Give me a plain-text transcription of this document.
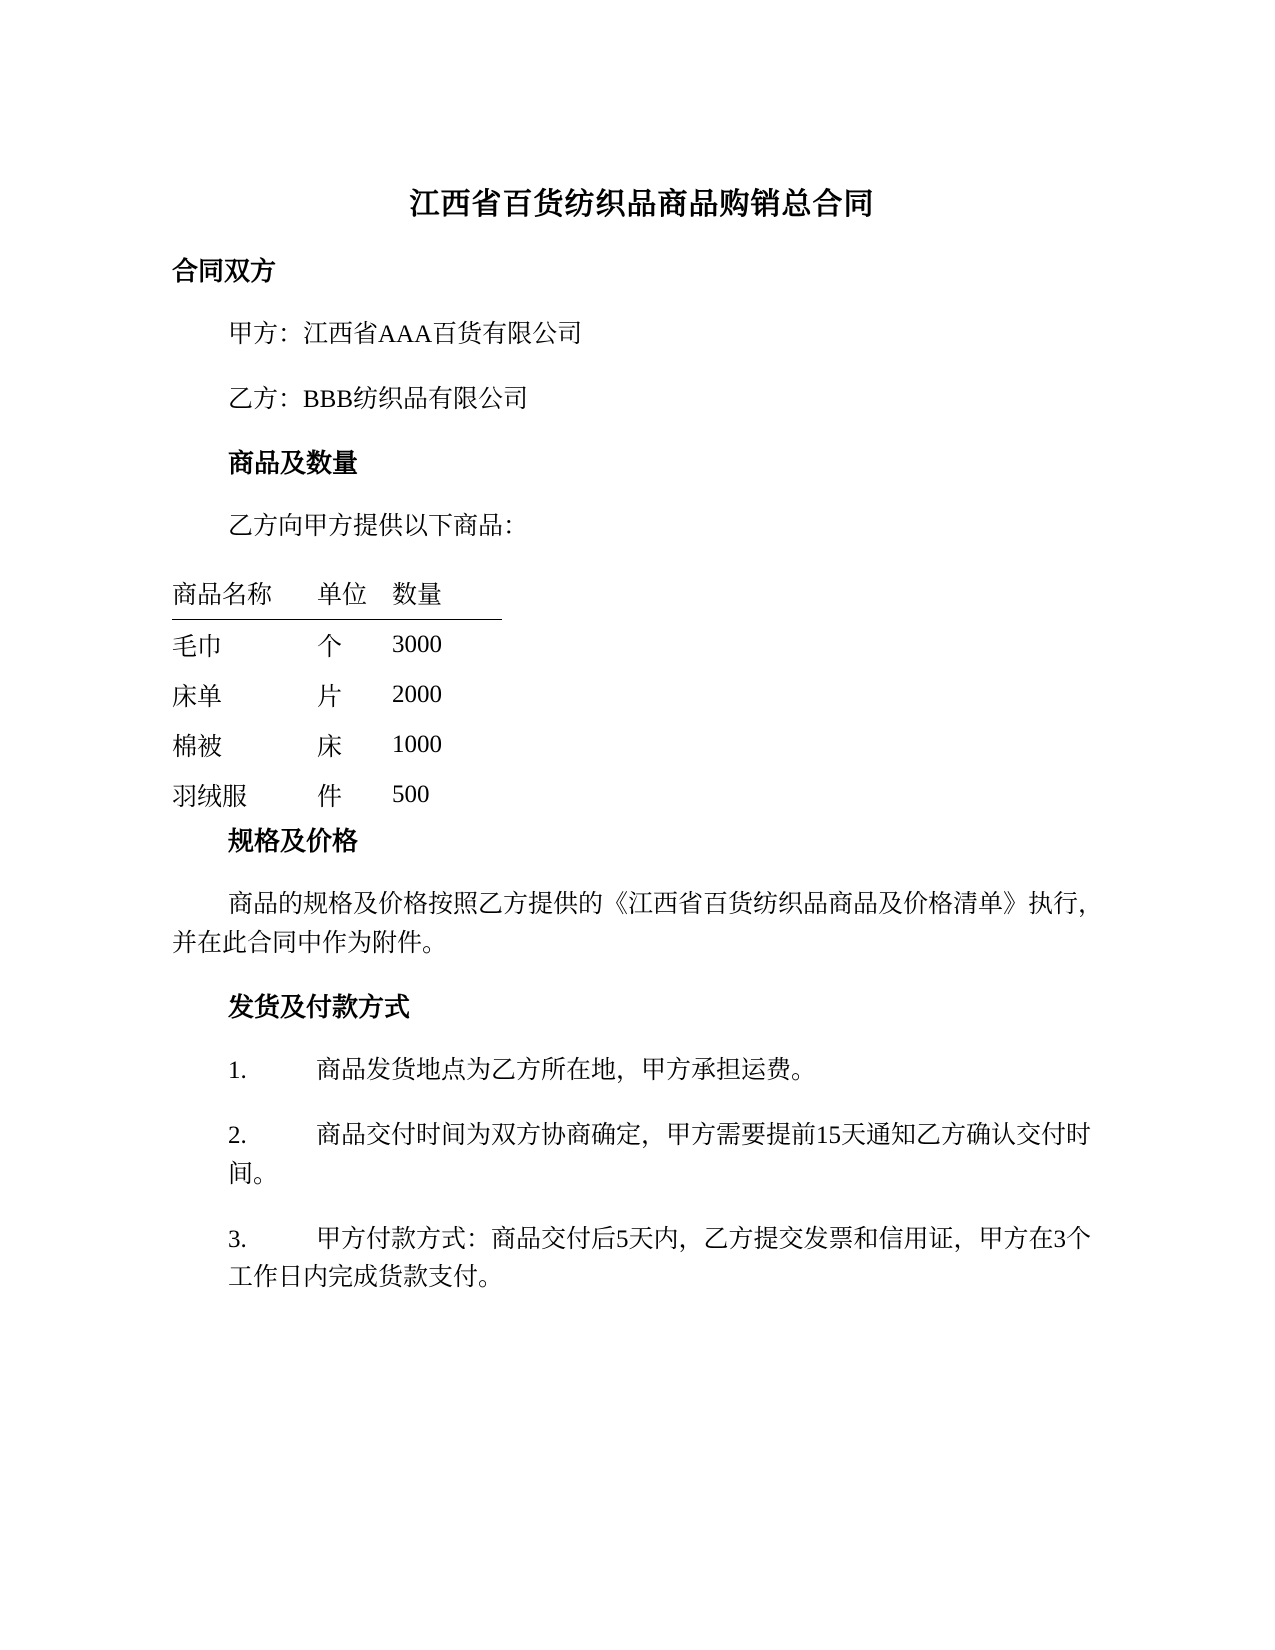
江西省百货纺织品商品购销总合同
合同双方
甲方：江西省AAA百货有限公司
乙方：BBB纺织品有限公司
商品及数量
乙方向甲方提供以下商品：
商品名称	单位	数量
毛巾	个	3000
床单	片	2000
棉被	床	1000
羽绒服	件	500
规格及价格
商品的规格及价格按照乙方提供的《江西省百货纺织品商品及价格清单》执行，并在此合同中作为附件。
发货及付款方式
1.	商品发货地点为乙方所在地，甲方承担运费。
2.	商品交付时间为双方协商确定，甲方需要提前15天通知乙方确认交付时间。
3.	甲方付款方式：商品交付后5天内，乙方提交发票和信用证，甲方在3个工作日内完成货款支付。
